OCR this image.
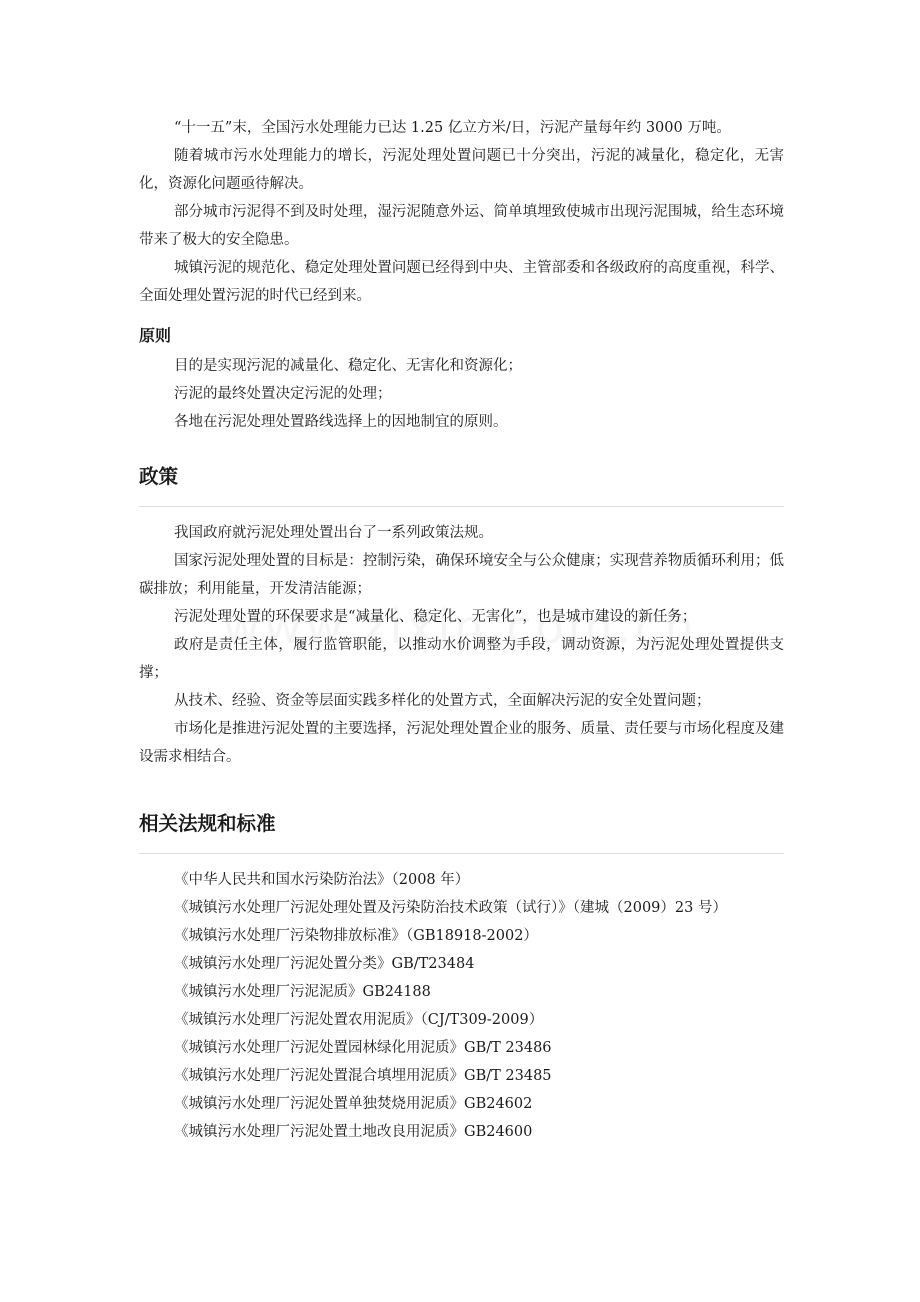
“十一五”末，全国污水处理能力已达 1.25 亿立方米/日，污泥产量每年约 3000 万吨。

随着城市污水处理能力的增长，污泥处理处置问题已十分突出，污泥的减量化，稳定化，无害化，资源化问题亟待解决。

部分城市污泥得不到及时处理，湿污泥随意外运、简单填埋致使城市出现污泥围城，给生态环境带来了极大的安全隐患。

城镇污泥的规范化、稳定处理处置问题已经得到中央、主管部委和各级政府的高度重视，科学、全面处理处置污泥的时代已经到来。

原则

目的是实现污泥的减量化、稳定化、无害化和资源化；

污泥的最终处置决定污泥的处理；

各地在污泥处理处置路线选择上的因地制宜的原则。

政策

我国政府就污泥处理处置出台了一系列政策法规。

国家污泥处理处置的目标是：控制污染，确保环境安全与公众健康；实现营养物质循环利用；低碳排放；利用能量，开发清洁能源；

污泥处理处置的环保要求是“减量化、稳定化、无害化”，也是城市建设的新任务；

政府是责任主体，履行监管职能，以推动水价调整为手段，调动资源，为污泥处理处置提供支撑；

从技术、经验、资金等层面实践多样化的处置方式，全面解决污泥的安全处置问题；

市场化是推进污泥处置的主要选择，污泥处理处置企业的服务、质量、责任要与市场化程度及建设需求相结合。

相关法规和标准

《中华人民共和国水污染防治法》（2008 年）

《城镇污水处理厂污泥处理处置及污染防治技术政策（试行）》（建城（2009）23 号）

《城镇污水处理厂污染物排放标准》（GB18918-2002）

《城镇污水处理厂污泥处置分类》GB/T23484

《城镇污水处理厂污泥泥质》GB24188

《城镇污水处理厂污泥处置农用泥质》（CJ/T309-2009）

《城镇污水处理厂污泥处置园林绿化用泥质》GB/T 23486

《城镇污水处理厂污泥处置混合填埋用泥质》GB/T 23485

《城镇污水处理厂污泥处置单独焚烧用泥质》GB24602

《城镇污水处理厂污泥处置土地改良用泥质》GB24600
